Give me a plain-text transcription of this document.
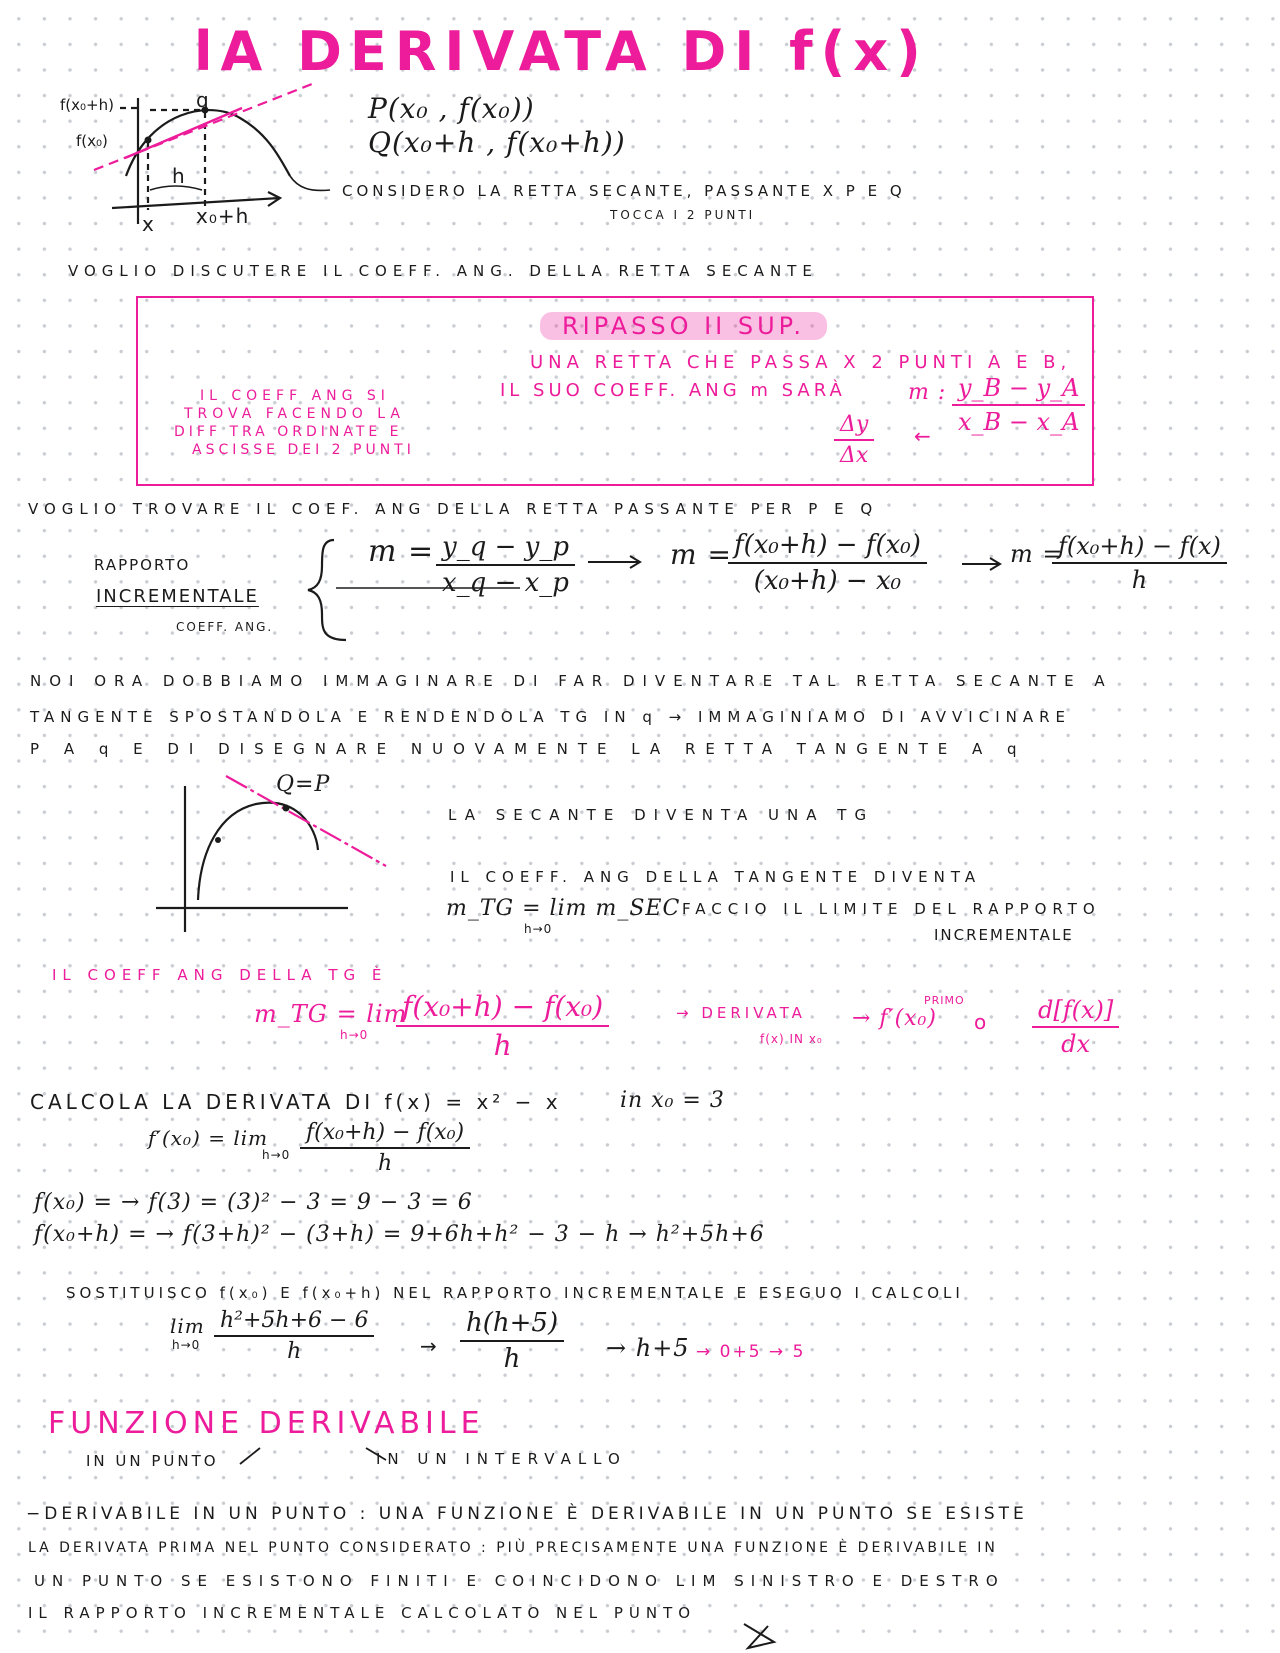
lA DERIVATA DI f(x)
f(x₀+h)
f(x₀)
x x₀+h
h
q	P(x₀ , f(x₀))
Q(x₀+h , f(x₀+h))
CONSIDERO LA RETTA SECANTE, PASSANTE X P E Q
TOCCA I 2 PUNTI
VOGLIO DISCUTERE IL COEFF. ANG. DELLA RETTA SECANTE
RIPASSO II SUP.
UNA RETTA CHE PASSA X 2 PUNTI A E B,
IL SUO COEFF. ANG m SARÀ	m : $\frac{y\_B - y\_A}{x\_B - x\_A}$
$\frac{\Delta y}{\Delta x}$ ←
IL COEFF ANG SI
TROVA FACENDO LA
DIFF TRA ORDINATE E
ASCISSE DEI 2 PUNTI
VOGLIO TROVARE IL COEF. ANG DELLA RETTA PASSANTE PER P E Q
RAPPORTO
INCREMENTALE
COEFF. ANG.
$m = \frac{y\_q - y\_p}{x\_q - x\_p}$	m =
$\frac{\text{f(x₀+h) − f(x₀)}}{\text{(x₀+h) − x₀}}$	m =
$\frac{\text{f(x₀+h) − f(x)}}{h}$
NOI ORA DOBBIAMO IMMAGINARE DI FAR DIVENTARE TAL RETTA SECANTE A
TANGENTE SPOSTANDOLA E RENDENDOLA TG IN q → IMMAGINIAMO DI AVVICINARE
P A q E DI DISEGNARE NUOVAMENTE LA RETTA TANGENTE A q
Q=P
LA SECANTE DIVENTA UNA TG
IL COEFF. ANG DELLA TANGENTE DIVENTA
m_TG = lim m_SEC
h→0
FACCIO IL LIMITE DEL RAPPORTO
INCREMENTALE
IL COEFF ANG DELLA TG È
m_TG = lim
$h\to 0 \frac{\text{f(x₀+h) − f(x₀)}}{h}$	→ DERIVATA
f(x) IN x₀
→ f′(x₀)
PRIMO
o $\frac{d[f(x)]}{dx}$
CALCOLA LA DERIVATA DI f(x) = x² − x	in x₀ = 3
f′(x₀) = lim
$h\to 0 \frac{\text{f(x₀+h) − f(x₀)}}{h}$
f(x₀) = → f(3) = (3)² − 3 = 9 − 3 = 6
f(x₀+h) = → f(3+h)² − (3+h) = 9+6h+h² − 3 − h → h²+5h+6
SOSTITUISCO f(x₀) E f(x₀+h) NEL RAPPORTO INCREMENTALE E ESEGUO I CALCOLI
lim
$h\to 0 \frac{\text{h²+5h+6 − 6}}{h} \to \frac{h(h+5)}{h} \to h+5 \to 0+5 \to 5$
FUNZIONE DERIVABILE
IN UN PUNTO	IN UN INTERVALLO
−DERIVABILE IN UN PUNTO : UNA FUNZIONE È DERIVABILE IN UN PUNTO SE ESISTE
LA DERIVATA PRIMA NEL PUNTO CONSIDERATO : PIÙ PRECISAMENTE UNA FUNZIONE È DERIVABILE IN
UN PUNTO SE ESISTONO FINITI E COINCIDONO LIM SINISTRO E DESTRO
IL RAPPORTO INCREMENTALE CALCOLATO NEL PUNTO
